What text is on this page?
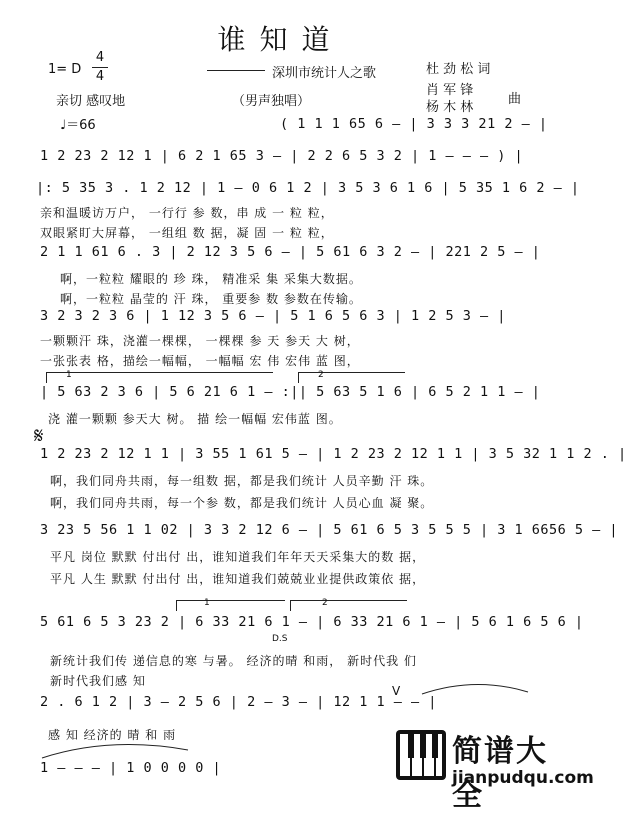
谁知道
1= D
4
4	深圳市统计人之歌
亲切 感叹地	（男声独唱）
♩＝66
杜 劲 松 词
肖 军 锋
杨 木 林
曲
( 1 1 1 65 6 — | 3 3 3 21 2 — |
1 2 23 2 12 1 | 6 2 1 65 3 — | 2 2 6 5 3 2 | 1 — — — ) |
|: 5 35 3 . 1 2 12 | 1 — 0 6 1 2 | 3 5 3 6 1 6 | 5 35 1 6 2 — |
亲和温暖访万户， 一行行 参 数，串 成 一 粒 粒，
双眼紧盯大屏幕， 一组组 数 据，凝 固 一 粒 粒，
2 1 1 61 6 . 3 | 2 12 3 5 6 — | 5 61 6 3 2 — | 221 2 5 — |
啊，一粒粒 耀眼的 珍 珠， 精准采 集 采集大数据。
啊，一粒粒 晶莹的 汗 珠， 重要参 数 参数在传输。
3 2 3 2 3 6 | 1 12 3 5 6 — | 5 1 6 5 6 3 | 1 2 5 3 — |
一颗颗汗 珠，浇灌一棵棵， 一棵棵 参 天 参天 大 树，
一张张表 格，描绘一幅幅， 一幅幅 宏 伟 宏伟 蓝 图，
1	2
| 5 63 2 3 6 | 5 6 21 6 1 — :|| 5 63 5 1 6 | 6 5 2 1 1 — |
浇 灌一颗颗 参天大 树。 描 绘一幅幅 宏伟蓝 图。
𝄋
1 2 23 2 12 1 1 | 3 55 1 61 5 — | 1 2 23 2 12 1 1 | 3 5 32 1 1 2 . |
啊，我们同舟共雨，每一组数 据，都是我们统计 人员辛勤 汗 珠。
啊，我们同舟共雨，每一个参 数，都是我们统计 人员心血 凝 聚。
3 23 5 56 1 1 02 | 3 3 2 12 6 — | 5 61 6 5 3 5 5 5 | 3 1 6656 5 — |
平凡 岗位 默默 付出付 出，谁知道我们年年天天采集大的数 据，
平凡 人生 默默 付出付 出，谁知道我们兢兢业业提供政策依 据，
1	2
5 61 6 5 3 23 2 | 6 33 21 6 1 — | 6 33 21 6 1 — | 5 6 1 6 5 6 |
新统计我们传 递信息的寒 与暑。 经济的晴 和雨， 新时代我 们
新时代我们感 知
D.S
V
2 . 6 1 2 | 3 — 2 5 6 | 2 — 3 — | 12 1 1 — — |
感 知 经济的 晴 和 雨
1 — — — | 1 0 0 0 0 |	简谱大全
jianpudqu.com
